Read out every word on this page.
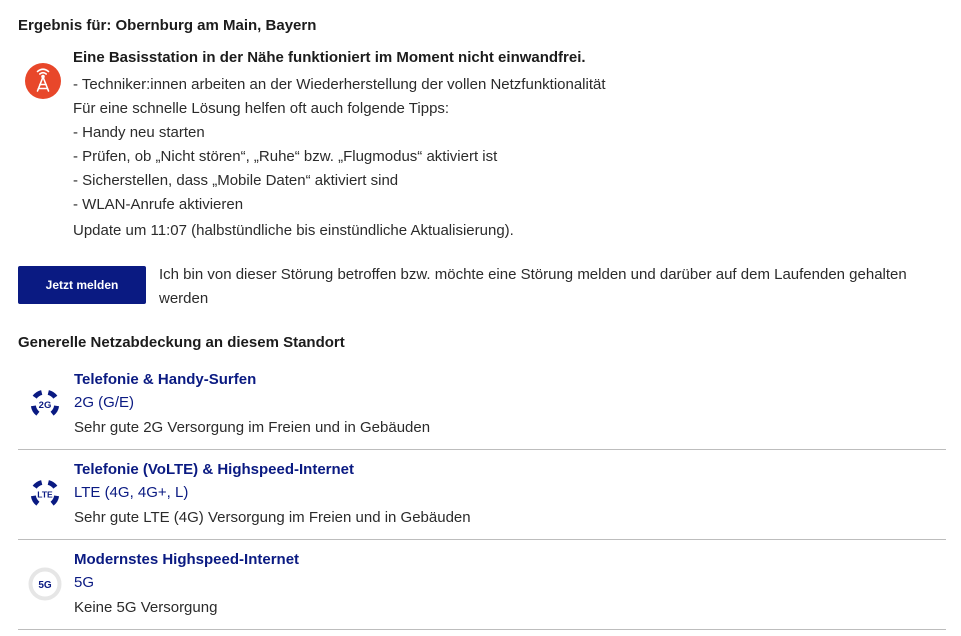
Ergebnis für: Obernburg am Main, Bayern
Eine Basisstation in der Nähe funktioniert im Moment nicht einwandfrei.
- Techniker:innen arbeiten an der Wiederherstellung der vollen Netzfunktionalität
Für eine schnelle Lösung helfen oft auch folgende Tipps:
- Handy neu starten
- Prüfen, ob „Nicht stören“, „Ruhe“ bzw. „Flugmodus“ aktiviert ist
- Sicherstellen, dass „Mobile Daten“ aktiviert sind
- WLAN-Anrufe aktivieren
Update um 11:07 (halbstündliche bis einstündliche Aktualisierung).
Jetzt melden
Ich bin von dieser Störung betroffen bzw. möchte eine Störung melden und darüber auf dem Laufenden gehalten werden
Generelle Netzabdeckung an diesem Standort
2G
Telefonie & Handy-Surfen
2G (G/E)
Sehr gute 2G Versorgung im Freien und in Gebäuden
LTE
Telefonie (VoLTE) & Highspeed-Internet
LTE (4G, 4G+, L)
Sehr gute LTE (4G) Versorgung im Freien und in Gebäuden
5G
Modernstes Highspeed-Internet
5G
Keine 5G Versorgung
